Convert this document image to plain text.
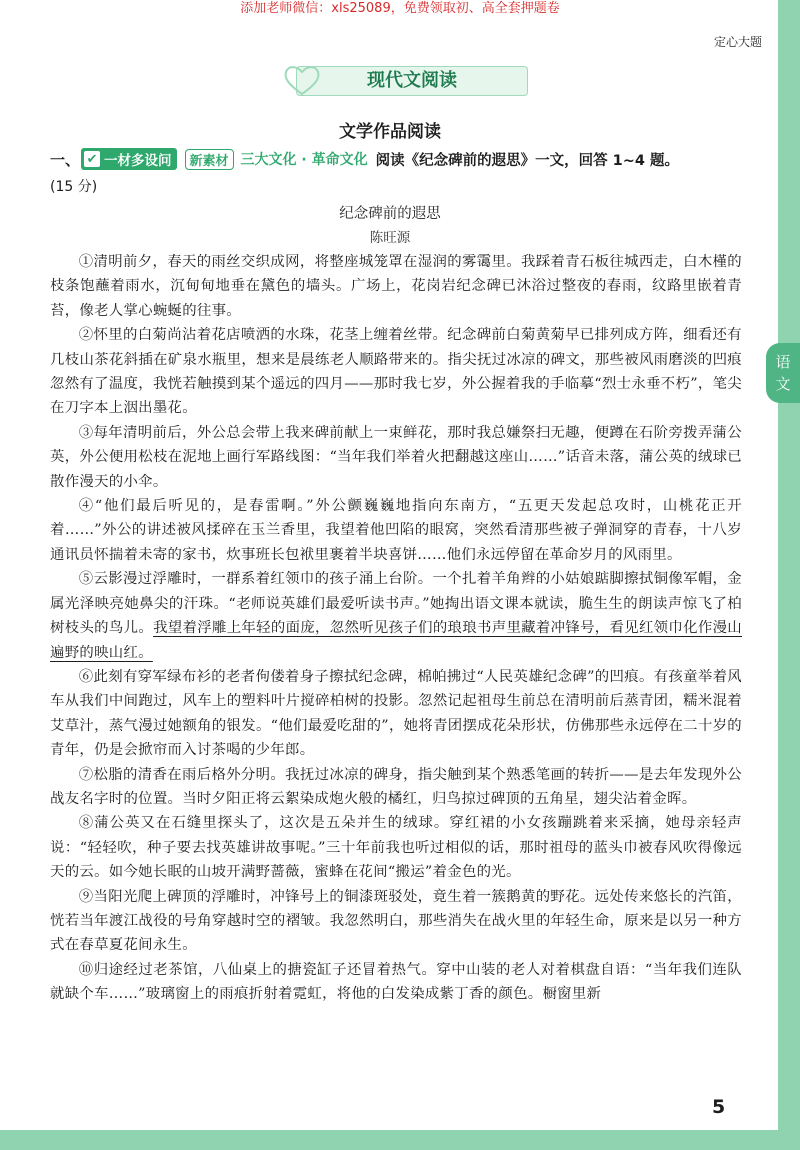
添加老师微信：xls25089，免费领取初、高全套押题卷
定心大题
语
文
现代文阅读
文学作品阅读
一、 ✔ 一材多设问	新素材 三大文化 · 革命文化 阅读《纪念碑前的遐思》一文，回答 1~4 题。
(15 分)
纪念碑前的遐思
陈旺源

①清明前夕，春天的雨丝交织成网，将整座城笼罩在湿润的雾霭里。我踩着青石板往城西走，白木槿的枝条饱蘸着雨水，沉甸甸地垂在黛色的墙头。广场上，花岗岩纪念碑已沐浴过整夜的春雨，纹路里嵌着青苔，像老人掌心蜿蜒的往事。

②怀里的白菊尚沾着花店喷洒的水珠，花茎上缠着丝带。纪念碑前白菊黄菊早已排列成方阵，细看还有几枝山茶花斜插在矿泉水瓶里，想来是晨练老人顺路带来的。指尖抚过冰凉的碑文，那些被风雨磨淡的凹痕忽然有了温度，我恍若触摸到某个遥远的四月——那时我七岁，外公握着我的手临摹“烈士永垂不朽”，笔尖在刀字本上洇出墨花。

③每年清明前后，外公总会带上我来碑前献上一束鲜花，那时我总嫌祭扫无趣，便蹲在石阶旁拨弄蒲公英，外公便用松枝在泥地上画行军路线图：“当年我们举着火把翻越这座山……”话音未落，蒲公英的绒球已散作漫天的小伞。

④“他们最后听见的，是春雷啊。”外公颤巍巍地指向东南方，“五更天发起总攻时，山桃花正开着……”外公的讲述被风揉碎在玉兰香里，我望着他凹陷的眼窝，突然看清那些被子弹洞穿的青春，十八岁通讯员怀揣着未寄的家书，炊事班长包袱里裹着半块喜饼……他们永远停留在革命岁月的风雨里。

⑤云影漫过浮雕时，一群系着红领巾的孩子涌上台阶。一个扎着羊角辫的小姑娘踮脚擦拭铜像军帽，金属光泽映亮她鼻尖的汗珠。“老师说英雄们最爱听读书声。”她掏出语文课本就读，脆生生的朗读声惊飞了柏树枝头的鸟儿。我望着浮雕上年轻的面庞，忽然听见孩子们的琅琅书声里藏着冲锋号，看见红领巾化作漫山遍野的映山红。

⑥此刻有穿军绿布衫的老者佝偻着身子擦拭纪念碑，棉帕拂过“人民英雄纪念碑”的凹痕。有孩童举着风车从我们中间跑过，风车上的塑料叶片搅碎柏树的投影。忽然记起祖母生前总在清明前后蒸青团，糯米混着艾草汁，蒸气漫过她额角的银发。“他们最爱吃甜的”，她将青团摆成花朵形状，仿佛那些永远停在二十岁的青年，仍是会掀帘而入讨茶喝的少年郎。

⑦松脂的清香在雨后格外分明。我抚过冰凉的碑身，指尖触到某个熟悉笔画的转折——是去年发现外公战友名字时的位置。当时夕阳正将云絮染成炮火般的橘红，归鸟掠过碑顶的五角星，翅尖沾着金晖。

⑧蒲公英又在石缝里探头了，这次是五朵并生的绒球。穿红裙的小女孩蹦跳着来采摘，她母亲轻声说：“轻轻吹，种子要去找英雄讲故事呢。”三十年前我也听过相似的话，那时祖母的蓝头巾被春风吹得像远天的云。如今她长眠的山坡开满野蔷薇，蜜蜂在花间“搬运”着金色的光。

⑨当阳光爬上碑顶的浮雕时，冲锋号上的铜漆斑驳处，竟生着一簇鹅黄的野花。远处传来悠长的汽笛，恍若当年渡江战役的号角穿越时空的褶皱。我忽然明白，那些消失在战火里的年轻生命，原来是以另一种方式在春草夏花间永生。

⑩归途经过老茶馆，八仙桌上的搪瓷缸子还冒着热气。穿中山装的老人对着棋盘自语：“当年我们连队就缺个车……”玻璃窗上的雨痕折射着霓虹，将他的白发染成紫丁香的颜色。橱窗里新

5
